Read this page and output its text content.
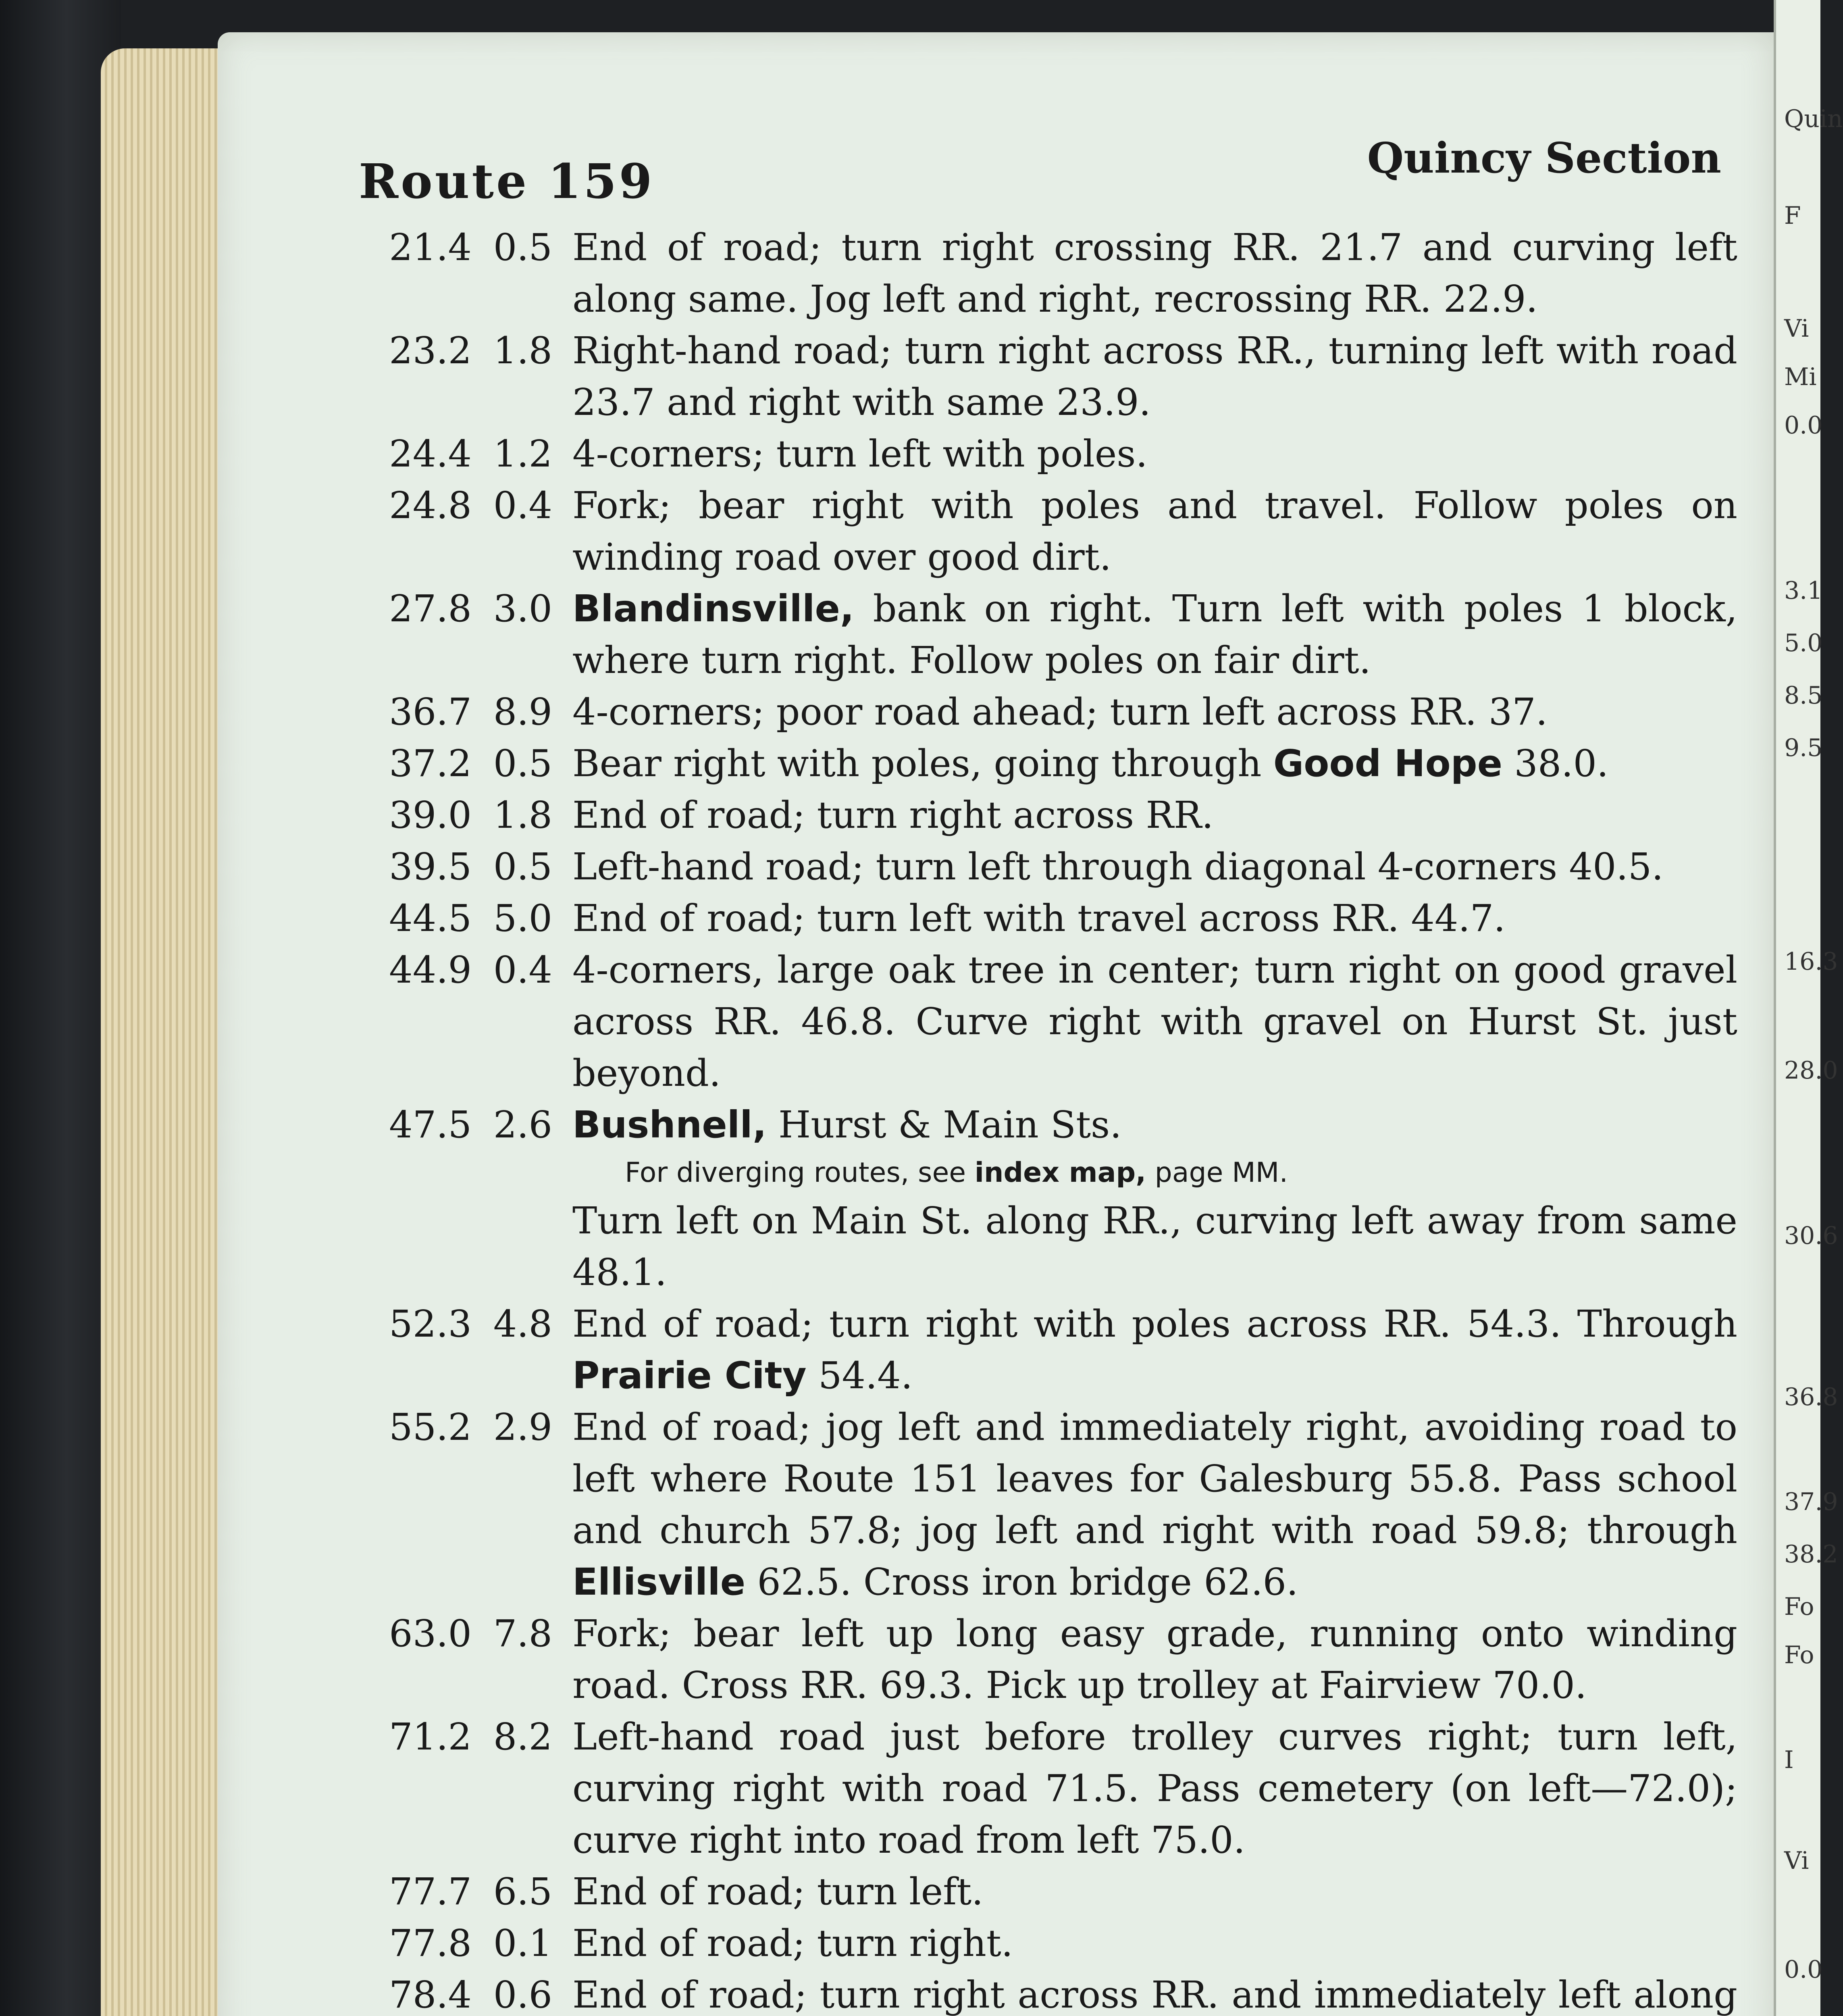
Route 159	Quincy Section
21.4 0.5 End of road; turn right crossing RR. 21.7 and curving left along same. Jog left and right, recrossing RR. 22.9.
23.2 1.8 Right-hand road; turn right across RR., turning left with road 23.7 and right with same 23.9.
24.4 1.2 4-corners; turn left with poles.
24.8 0.4 Fork; bear right with poles and travel. Follow poles on winding road over good dirt.
27.8 3.0 Blandinsville, bank on right. Turn left with poles 1 block, where turn right. Follow poles on fair dirt.
36.7 8.9 4-corners; poor road ahead; turn left across RR. 37.
37.2 0.5 Bear right with poles, going through Good Hope 38.0.
39.0 1.8 End of road; turn right across RR.
39.5 0.5 Left-hand road; turn left through diagonal 4-corners 40.5.
44.5 5.0 End of road; turn left with travel across RR. 44.7.
44.9 0.4 4-corners, large oak tree in center; turn right on good gravel across RR. 46.8. Curve right with gravel on Hurst St. just beyond.
47.5 2.6 Bushnell, Hurst & Main Sts.
For diverging routes, see index map, page MM.
Turn left on Main St. along RR., curving left away from same 48.1.
52.3 4.8 End of road; turn right with poles across RR. 54.3. Through Prairie City 54.4.
55.2 2.9 End of road; jog left and immediately right, avoiding road to left where Route 151 leaves for Galesburg 55.8. Pass school and church 57.8; jog left and right with road 59.8; through Ellisville 62.5. Cross iron bridge 62.6.
63.0 7.8 Fork; bear left up long easy grade, running onto winding road. Cross RR. 69.3. Pick up trolley at Fairview 70.0.
71.2 8.2 Left-hand road just before trolley curves right; turn left, curving right with road 71.5. Pass cemetery (on left—72.0); curve right into road from left 75.0.
77.7 6.5 End of road; turn left.
77.8 0.1 End of road; turn right.
78.4 0.6 End of road; turn right across RR. and immediately left along
Quin
F
Vi
Mi
0.0
3.1
5.0
8.5
9.5
16.3
28.0
30.6
36.8
37.9
38.2
Fo
Fo
I
Vi
0.0
